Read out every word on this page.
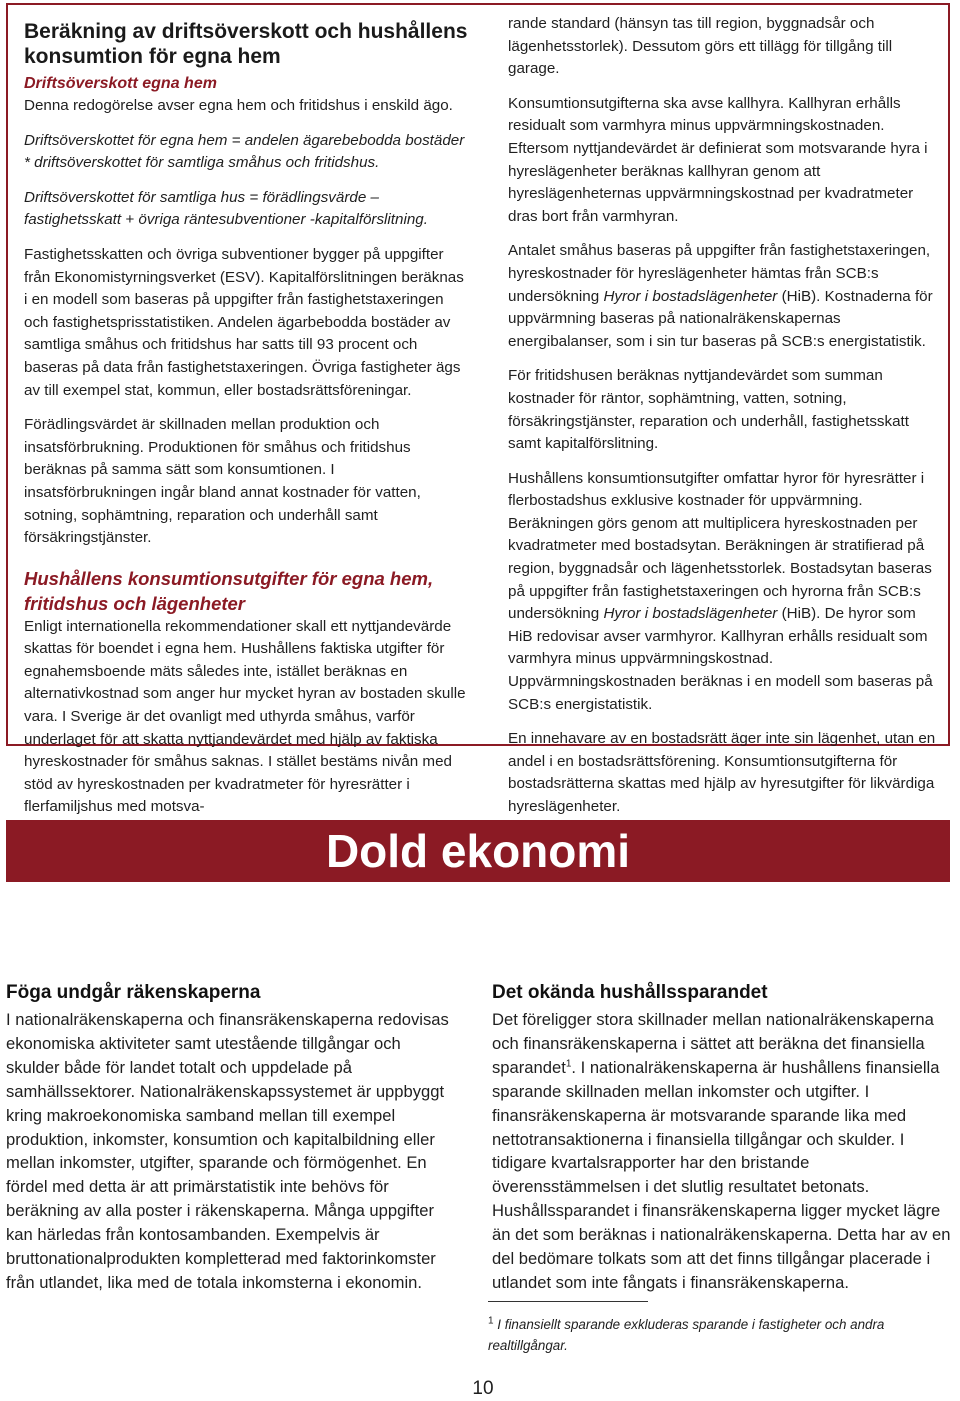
Beräkning av driftsöverskott och hushållens konsumtion för egna hem
Driftsöverskott egna hem

Denna redogörelse avser egna hem och fritidshus i enskild ägo.

Driftsöverskottet för egna hem = andelen ägarebebodda bostäder * driftsöverskottet för samtliga småhus och fritidshus.

Driftsöverskottet för samtliga hus = förädlingsvärde – fastighetsskatt + övriga räntesubventioner -kapitalförslitning.

Fastighetsskatten och övriga subventioner bygger på uppgifter från Ekonomistyrningsverket (ESV). Kapitalförslitningen beräknas i en modell som baseras på uppgifter från fastighetstaxeringen och fastighetsprisstatistiken. Andelen ägarbebodda bostäder av samtliga småhus och fritidshus har satts till 93 procent och baseras på data från fastighetstaxeringen. Övriga fastigheter ägs av till exempel stat, kommun, eller bostadsrättsföreningar.

Förädlingsvärdet är skillnaden mellan produktion och insatsförbrukning. Produktionen för småhus och fritidshus beräknas på samma sätt som konsumtionen. I insatsförbrukningen ingår bland annat kostnader för vatten, sotning, sophämtning, reparation och underhåll samt försäkringstjänster.

Hushållens konsumtionsutgifter för egna hem, fritidshus och lägenheter

Enligt internationella rekommendationer skall ett nyttjandevärde skattas för boendet i egna hem. Hushållens faktiska utgifter för egnahemsboende mäts således inte, istället beräknas en alternativkostnad som anger hur mycket hyran av bostaden skulle vara. I Sverige är det ovanligt med uthyrda småhus, varför underlaget för att skatta nyttjandevärdet med hjälp av faktiska hyreskostnader för småhus saknas. I stället bestäms nivån med stöd av hyreskostnaden per kvadratmeter för hyresrätter i flerfamiljshus med motsva-

rande standard (hänsyn tas till region, byggnadsår och lägenhetsstorlek). Dessutom görs ett tillägg för tillgång till garage.

Konsumtionsutgifterna ska avse kallhyra. Kallhyran erhålls residualt som varmhyra minus uppvärmningskostnaden. Eftersom nyttjandevärdet är definierat som motsvarande hyra i hyreslägenheter beräknas kallhyran genom att hyreslägenheternas uppvärmningskostnad per kvadratmeter dras bort från varmhyran.

Antalet småhus baseras på uppgifter från fastighetstaxeringen, hyreskostnader för hyreslägenheter hämtas från SCB:s undersökning Hyror i bostadslägenheter (HiB). Kostnaderna för uppvärmning baseras på nationalräkenskapernas energibalanser, som i sin tur baseras på SCB:s energistatistik.

För fritidshusen beräknas nyttjandevärdet som summan kostnader för räntor, sophämtning, vatten, sotning, försäkringstjänster, reparation och underhåll, fastighetsskatt samt kapitalförslitning.

Hushållens konsumtionsutgifter omfattar hyror för hyresrätter i flerbostadshus exklusive kostnader för uppvärmning. Beräkningen görs genom att multiplicera hyreskostnaden per kvadratmeter med bostadsytan. Beräkningen är stratifierad på region, byggnadsår och lägenhetsstorlek. Bostadsytan baseras på uppgifter från fastighetstaxeringen och hyrorna från SCB:s undersökning Hyror i bostadslägenheter (HiB). De hyror som HiB redovisar avser varmhyror. Kallhyran erhålls residualt som varmhyra minus uppvärmningskostnad. Uppvärmningskostnaden beräknas i en modell som baseras på SCB:s energistatistik.

En innehavare av en bostadsrätt äger inte sin lägenhet, utan en andel i en bostadsrättsförening. Konsumtionsutgifterna för bostadsrätterna skattas med hjälp av hyresutgifter för likvärdiga hyreslägenheter.

Dold ekonomi
Föga undgår räkenskaperna
I nationalräkenskaperna och finansräkenskaperna redovisas ekonomiska aktiviteter samt utestående tillgångar och skulder både för landet totalt och uppdelade på samhällssektorer. Nationalräkenskapssystemet är uppbyggt kring makroekonomiska samband mellan till exempel produktion, inkomster, konsumtion och kapitalbildning eller mellan inkomster, utgifter, sparande och förmögenhet. En fördel med detta är att primärstatistik inte behövs för beräkning av alla poster i räkenskaperna. Många uppgifter kan härledas från kontosambanden. Exempelvis är bruttonationalprodukten kompletterad med faktorinkomster från utlandet, lika med de totala inkomsterna i ekonomin.
Det okända hushållssparandet
Det föreligger stora skillnader mellan nationalräkenskaperna och finansräkenskaperna i sättet att beräkna det finansiella sparandet$^1$. I nationalräkenskaperna är hushållens finansiella sparande skillnaden mellan inkomster och utgifter. I finansräkenskaperna är motsvarande sparande lika med nettotransaktionerna i finansiella tillgångar och skulder. I tidigare kvartalsrapporter har den bristande överensstämmelsen i det slutlig resultatet betonats. Hushållssparandet i finansräkenskaperna ligger mycket lägre än det som beräknas i nationalräkenskaperna. Detta har av en del bedömare tolkats som att det finns tillgångar placerade i utlandet som inte fångats i finansräkenskaperna.
$^1$ I finansiellt sparande exkluderas sparande i fastigheter och andra realtillgångar.
10
